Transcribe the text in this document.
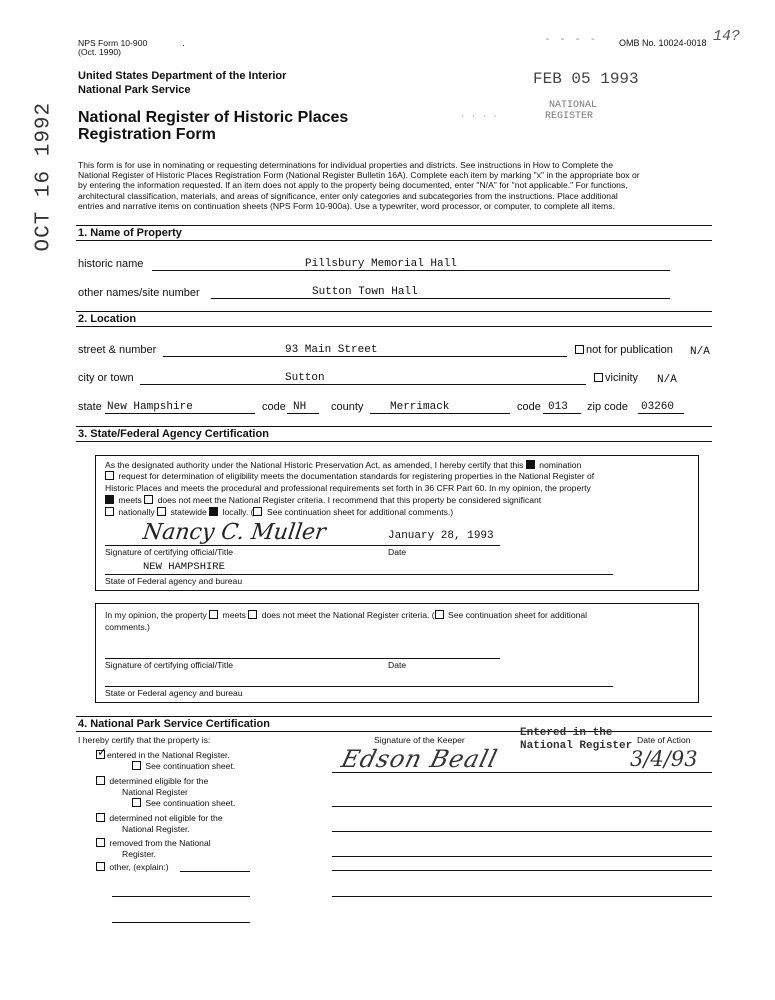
NPS Form 10-900
(Oct. 1990)
.	OMB No. 10024-0018 14?
- - - -
United States Department of the Interior
National Park Service
FEB 05 1993
NATIONAL
REGISTER
· · · ·
National Register of Historic Places
Registration Form
OCT 16 1992	This form is for use in nominating or requesting determinations for individual properties and districts. See instructions in How to Complete the
National Register of Historic Places Registration Form (National Register Bulletin 16A). Complete each item by marking "x" in the appropriate box or
by entering the information requested. If an item does not apply to the property being documented, enter "N/A" for "not applicable." For functions,
architectural classification, materials, and areas of significance, enter only categories and subcategories from the instructions. Place additional
entries and narrative items on continuation sheets (NPS Form 10-900a). Use a typewriter, word processor, or computer, to complete all items.
1. Name of Property
historic name	Pillsbury Memorial Hall
other names/site number	Sutton Town Hall
2. Location
street & number	93 Main Street	not for publication N/A
city or town	Sutton	vicinity N/A
state New Hampshire	code NH county Merrimack	code 013 zip code 03260
3. State/Federal Agency Certification
As the designated authority under the National Historic Preservation Act, as amended, I hereby certify that this nomination
request for determination of eligibility meets the documentation standards for registering properties in the National Register of
Historic Places and meets the procedural and professional requirements set forth in 36 CFR Part 60. In my opinion, the property
meets does not meet the National Register criteria. I recommend that this property be considered significant
nationally statewide locally. ( See continuation sheet for additional comments.)
Nancy C. Muller	January 28, 1993
Signature of certifying official/Title	Date
NEW HAMPSHIRE
State of Federal agency and bureau
In my opinion, the property meets does not meet the National Register criteria. ( See continuation sheet for additional
comments.)
Signature of certifying official/Title	Date
State or Federal agency and bureau
4. National Park Service Certification
I hereby certify that the property is:	Signature of the Keeper	Date of Action
Entered in the
National Register
Edson Beall	3/4/93
✓ entered in the National Register.
See continuation sheet.
determined eligible for the
National Register
See continuation sheet.
determined not eligible for the
National Register.
removed from the National
Register.
other, (explain:)
